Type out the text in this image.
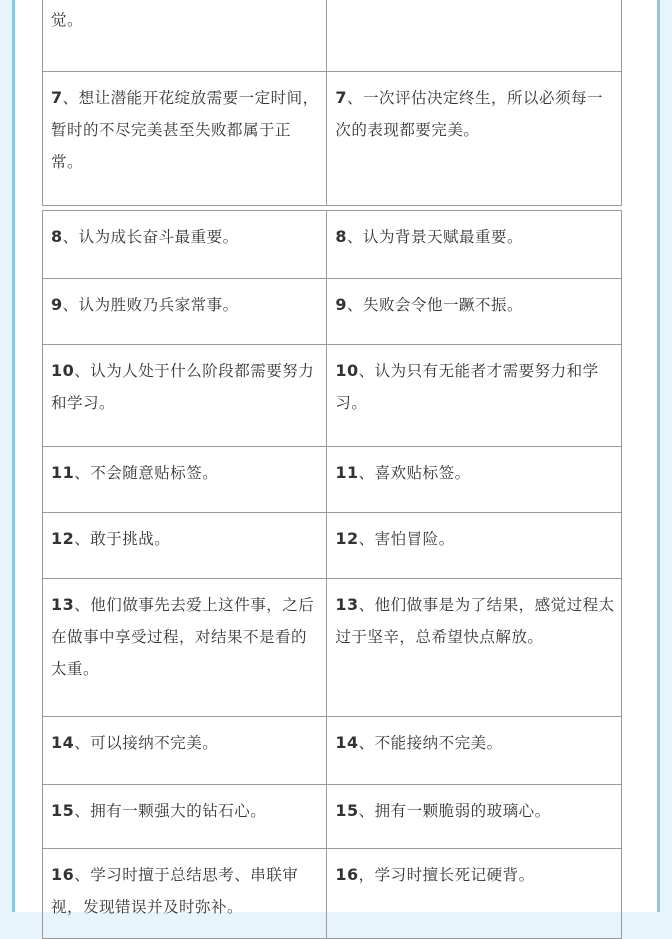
觉。	
7、想让潜能开花绽放需要一定时间，暂时的不尽完美甚至失败都属于正常。	7、一次评估决定终生，所以必须每一次的表现都要完美。

8、认为成长奋斗最重要。	8、认为背景天赋最重要。
9、认为胜败乃兵家常事。	9、失败会令他一蹶不振。
10、认为人处于什么阶段都需要努力和学习。	10、认为只有无能者才需要努力和学习。
11、不会随意贴标签。	11、喜欢贴标签。
12、敢于挑战。	12、害怕冒险。
13、他们做事先去爱上这件事，之后在做事中享受过程，对结果不是看的太重。	13、他们做事是为了结果，感觉过程太过于坚辛，总希望快点解放。
14、可以接纳不完美。	14、不能接纳不完美。
15、拥有一颗强大的钻石心。	15、拥有一颗脆弱的玻璃心。
16、学习时擅于总结思考、串联审视，发现错误并及时弥补。	16，学习时擅长死记硬背。
